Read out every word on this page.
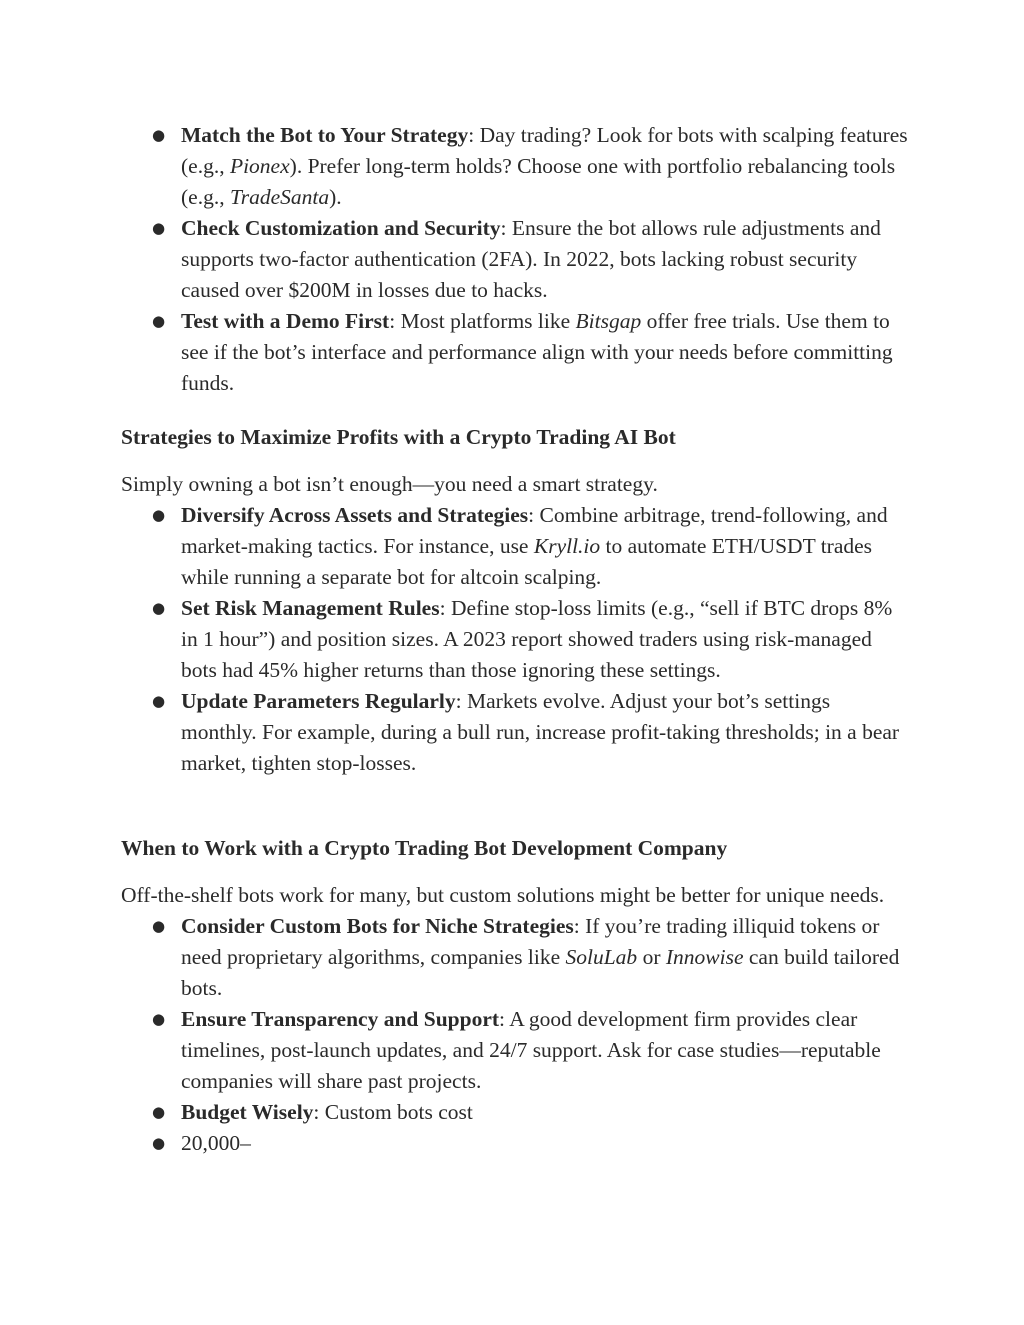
● Match the Bot to Your Strategy: Day trading? Look for bots with scalping features (e.g., Pionex). Prefer long-term holds? Choose one with portfolio rebalancing tools (e.g., TradeSanta).
● Check Customization and Security: Ensure the bot allows rule adjustments and supports two-factor authentication (2FA). In 2022, bots lacking robust security caused over $200M in losses due to hacks.
● Test with a Demo First: Most platforms like Bitsgap offer free trials. Use them to see if the bot’s interface and performance align with your needs before committing funds.
Strategies to Maximize Profits with a Crypto Trading AI Bot

Simply owning a bot isn’t enough—you need a smart strategy.

● Diversify Across Assets and Strategies: Combine arbitrage, trend-following, and market-making tactics. For instance, use Kryll.io to automate ETH/USDT trades while running a separate bot for altcoin scalping.
● Set Risk Management Rules: Define stop-loss limits (e.g., “sell if BTC drops 8% in 1 hour”) and position sizes. A 2023 report showed traders using risk-managed bots had 45% higher returns than those ignoring these settings.
● Update Parameters Regularly: Markets evolve. Adjust your bot’s settings monthly. For example, during a bull run, increase profit-taking thresholds; in a bear market, tighten stop-losses.
When to Work with a Crypto Trading Bot Development Company

Off-the-shelf bots work for many, but custom solutions might be better for unique needs.

● Consider Custom Bots for Niche Strategies: If you’re trading illiquid tokens or need proprietary algorithms, companies like SoluLab or Innowise can build tailored bots.
● Ensure Transparency and Support: A good development firm provides clear timelines, post-launch updates, and 24/7 support. Ask for case studies—reputable companies will share past projects.
● Budget Wisely: Custom bots cost
● 20,000–
